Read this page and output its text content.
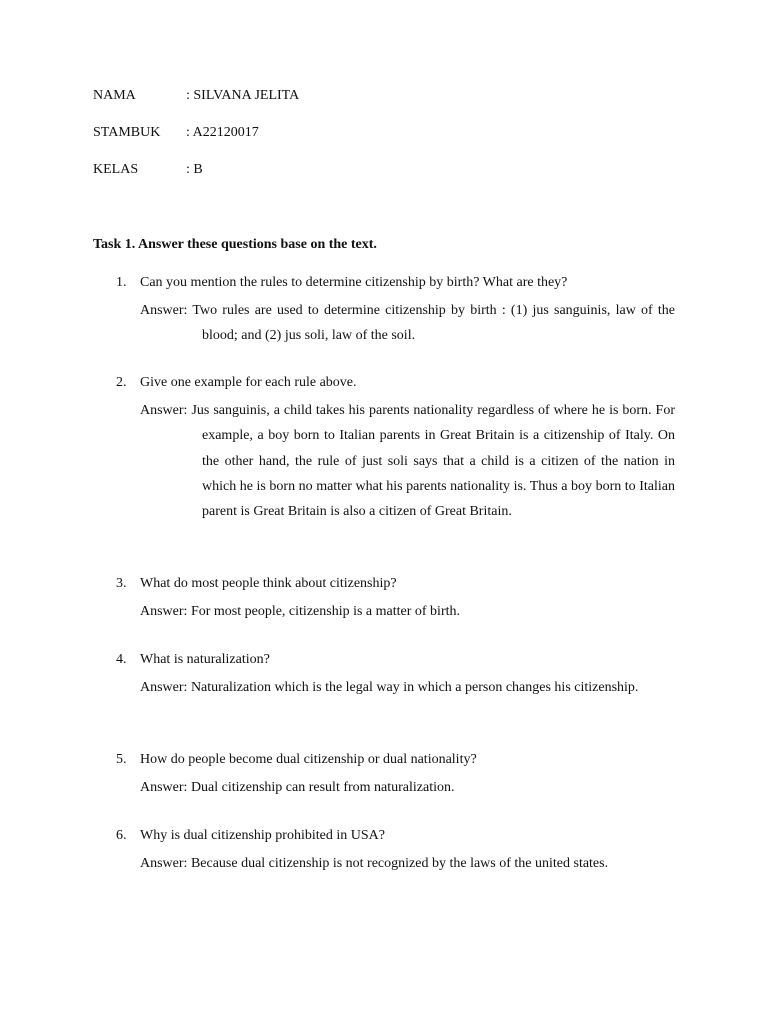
NAMA	: SILVANA JELITA
STAMBUK : A22120017
KELAS	: B
Task 1. Answer these questions base on the text.
1. Can you mention the rules to determine citizenship by birth? What are they?
Answer: Two rules are used to determine citizenship by birth : (1) jus sanguinis, law of the blood; and (2) jus soli, law of the soil.
2. Give one example for each rule above.
Answer: Jus sanguinis, a child takes his parents nationality regardless of where he is born. For example, a boy born to Italian parents in Great Britain is a citizenship of Italy. On the other hand, the rule of just soli says that a child is a citizen of the nation in which he is born no matter what his parents nationality is. Thus a boy born to Italian parent is Great Britain is also a citizen of Great Britain.
3. What do most people think about citizenship?
Answer: For most people, citizenship is a matter of birth.
4. What is naturalization?
Answer: Naturalization which is the legal way in which a person changes his citizenship.
5. How do people become dual citizenship or dual nationality?
Answer: Dual citizenship can result from naturalization.
6. Why is dual citizenship prohibited in USA?
Answer: Because dual citizenship is not recognized by the laws of the united states.
